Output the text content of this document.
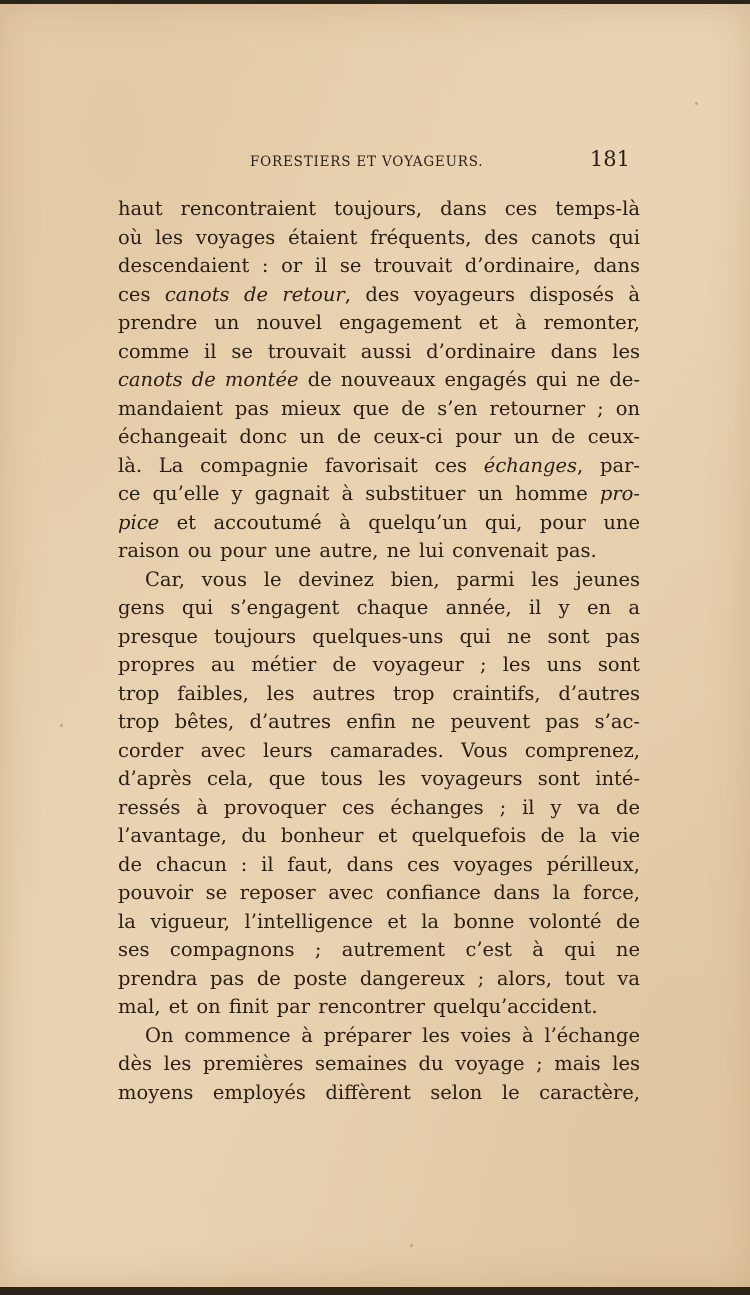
FORESTIERS ET VOYAGEURS.	181
haut rencontraient toujours, dans ces temps-là
où les voyages étaient fréquents, des canots qui
descendaient : or il se trouvait d’ordinaire, dans
ces canots de retour, des voyageurs disposés à
prendre un nouvel engagement et à remonter,
comme il se trouvait aussi d’ordinaire dans les
canots de montée de nouveaux engagés qui ne de-
mandaient pas mieux que de s’en retourner ; on
échangeait donc un de ceux-ci pour un de ceux-
là. La compagnie favorisait ces échanges, par-
ce qu’elle y gagnait à substituer un homme pro-
pice et accoutumé à quelqu’un qui, pour une
raison ou pour une autre, ne lui convenait pas.
Car, vous le devinez bien, parmi les jeunes
gens qui s’engagent chaque année, il y en a
presque toujours quelques-uns qui ne sont pas
propres au métier de voyageur ; les uns sont
trop faibles, les autres trop craintifs, d’autres
trop bêtes, d’autres enfin ne peuvent pas s’ac-
corder avec leurs camarades. Vous comprenez,
d’après cela, que tous les voyageurs sont inté-
ressés à provoquer ces échanges ; il y va de
l’avantage, du bonheur et quelquefois de la vie
de chacun : il faut, dans ces voyages périlleux,
pouvoir se reposer avec confiance dans la force,
la vigueur, l’intelligence et la bonne volonté de
ses compagnons ; autrement c’est à qui ne
prendra pas de poste dangereux ; alors, tout va
mal, et on finit par rencontrer quelqu’accident.
On commence à préparer les voies à l’échange
dès les premières semaines du voyage ; mais les
moyens employés diffèrent selon le caractère,
